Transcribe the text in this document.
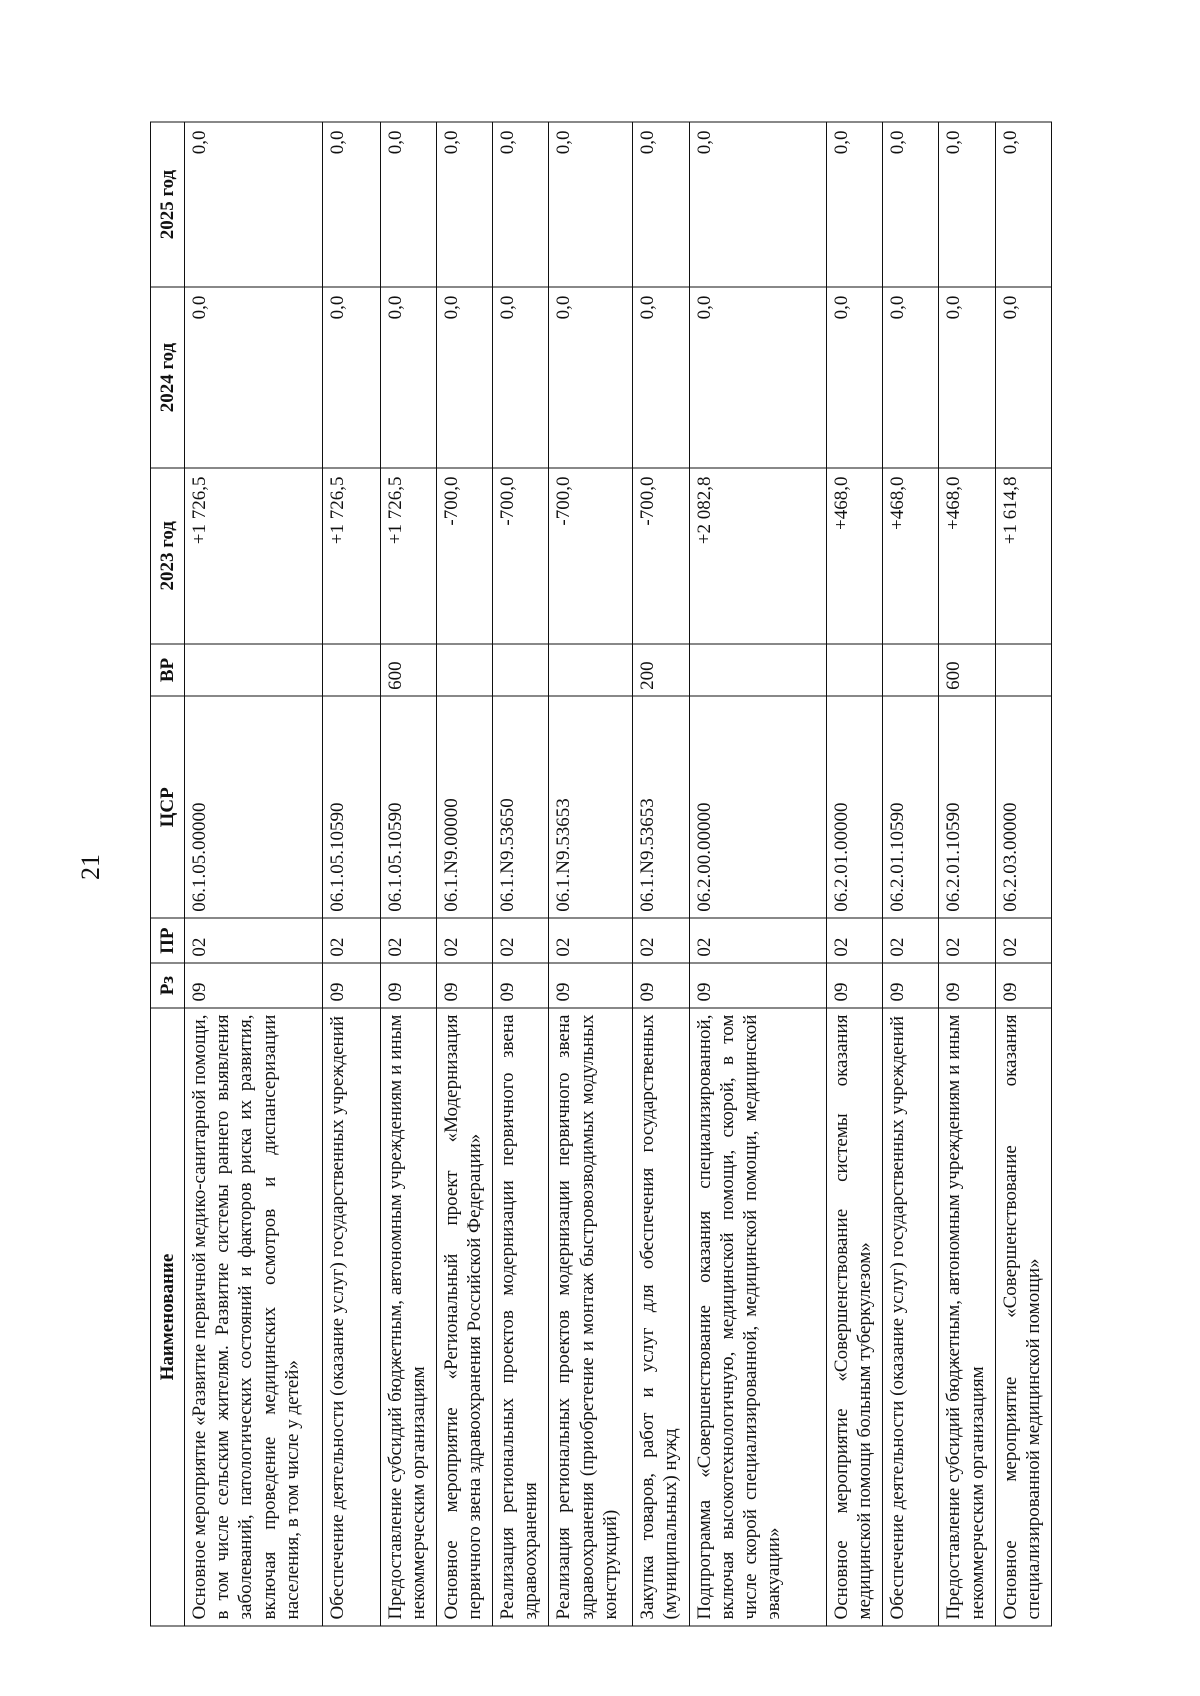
21
Наименование	Рз	ПР	ЦСР	ВР	2023 год	2024 год	2025 год
Основное мероприятие «Развитие первичной медико-санитарной помощи, в том числе сельским жителям. Развитие системы раннего выявления заболеваний, патологических состояний и факторов риска их развития, включая проведение медицинских осмотров и диспансеризации населения, в том числе у детей»	09	02	06.1.05.00000		+1 726,5	0,0	0,0
Обеспечение деятельности (оказание услуг) государственных учреждений	09	02	06.1.05.10590		+1 726,5	0,0	0,0
Предоставление субсидий бюджетным, автономным учреждениям и иным некоммерческим организациям	09	02	06.1.05.10590	600	+1 726,5	0,0	0,0
Основное мероприятие «Региональный проект «Модернизация первичного звена здравоохранения Российской Федерации»	09	02	06.1.N9.00000		-700,0	0,0	0,0
Реализация региональных проектов модернизации первичного звена здравоохранения	09	02	06.1.N9.53650		-700,0	0,0	0,0
Реализация региональных проектов модернизации первичного звена здравоохранения (приобретение и монтаж быстровозводимых модульных конструкций)	09	02	06.1.N9.53653		-700,0	0,0	0,0
Закупка товаров, работ и услуг для обеспечения государственных (муниципальных) нужд	09	02	06.1.N9.53653	200	-700,0	0,0	0,0
Подпрограмма «Совершенствование оказания специализированной, включая высокотехнологичную, медицинской помощи, скорой, в том числе скорой специализированной, медицинской помощи, медицинской эвакуации»	09	02	06.2.00.00000		+2 082,8	0,0	0,0
Основное мероприятие «Совершенствование системы оказания медицинской помощи больным туберкулезом»	09	02	06.2.01.00000		+468,0	0,0	0,0
Обеспечение деятельности (оказание услуг) государственных учреждений	09	02	06.2.01.10590		+468,0	0,0	0,0
Предоставление субсидий бюджетным, автономным учреждениям и иным некоммерческим организациям	09	02	06.2.01.10590	600	+468,0	0,0	0,0
Основное мероприятие «Совершенствование оказания специализированной медицинской помощи»	09	02	06.2.03.00000		+1 614,8	0,0	0,0
